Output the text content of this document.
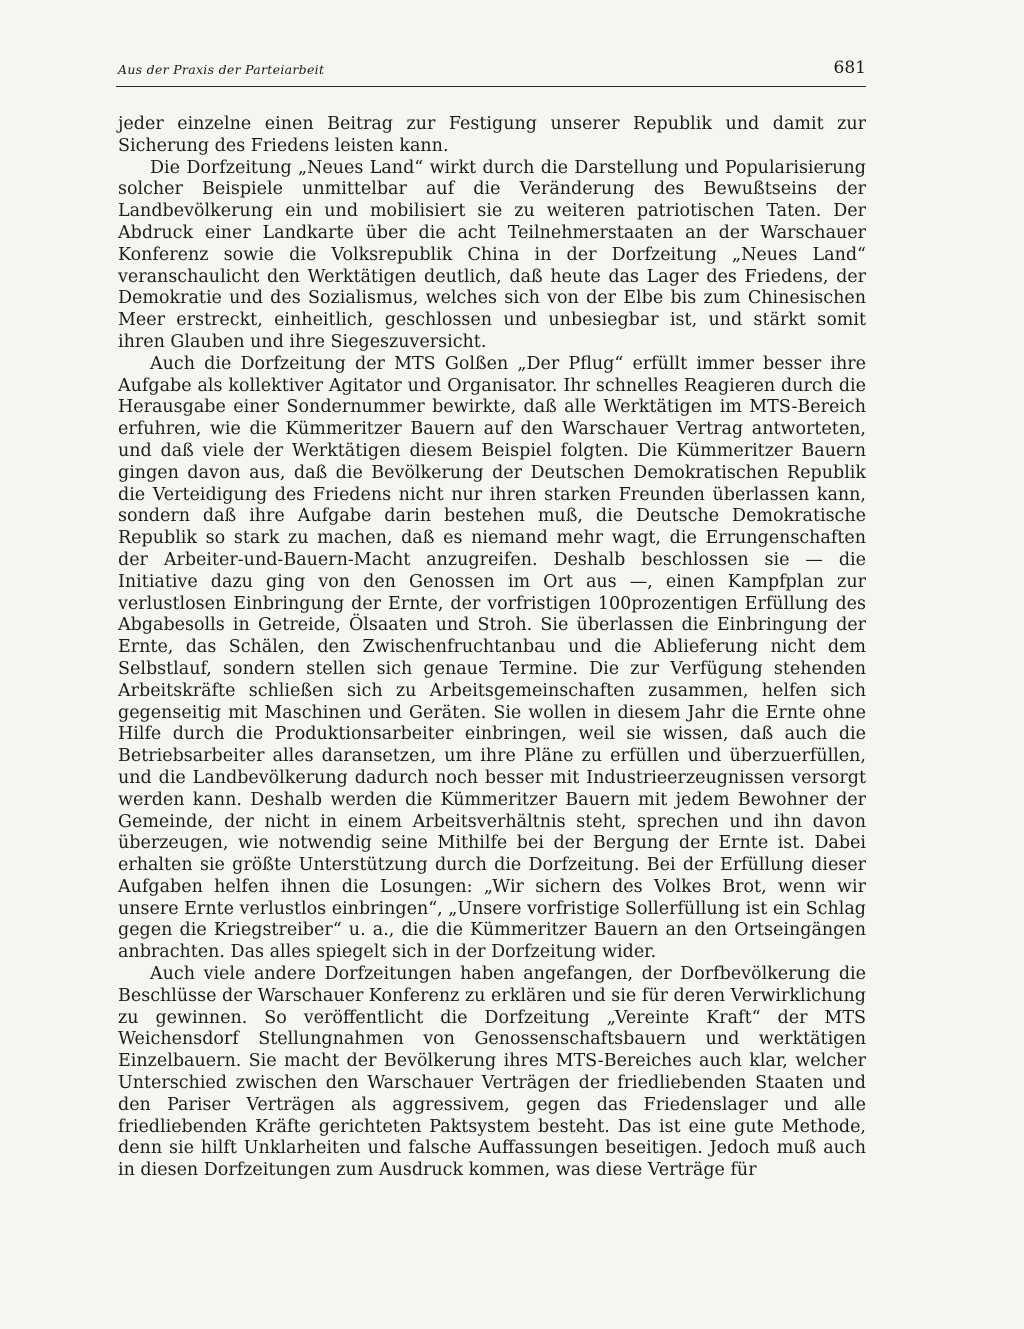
Aus der Praxis der Parteiarbeit	681

jeder einzelne einen Beitrag zur Festigung unserer Republik und damit zur Sicherung des Friedens leisten kann.

Die Dorfzeitung „Neues Land“ wirkt durch die Darstellung und Popularisierung solcher Beispiele unmittelbar auf die Veränderung des Bewußtseins der Landbevölkerung ein und mobilisiert sie zu weiteren patriotischen Taten. Der Abdruck einer Landkarte über die acht Teilnehmerstaaten an der Warschauer Konferenz sowie die Volksrepublik China in der Dorfzeitung „Neues Land“ veranschaulicht den Werktätigen deutlich, daß heute das Lager des Friedens, der Demokratie und des Sozialismus, welches sich von der Elbe bis zum Chinesischen Meer erstreckt, einheitlich, geschlossen und unbesiegbar ist, und stärkt somit ihren Glauben und ihre Siegeszuversicht.

Auch die Dorfzeitung der MTS Golßen „Der Pflug“ erfüllt immer besser ihre Aufgabe als kollektiver Agitator und Organisator. Ihr schnelles Reagieren durch die Herausgabe einer Sondernummer bewirkte, daß alle Werktätigen im MTS-Bereich erfuhren, wie die Kümmeritzer Bauern auf den Warschauer Vertrag antworteten, und daß viele der Werktätigen diesem Beispiel folgten. Die Kümmeritzer Bauern gingen davon aus, daß die Bevölkerung der Deutschen Demokratischen Republik die Verteidigung des Friedens nicht nur ihren starken Freunden überlassen kann, sondern daß ihre Aufgabe darin bestehen muß, die Deutsche Demokratische Republik so stark zu machen, daß es niemand mehr wagt, die Errungenschaften der Arbeiter-und-Bauern-Macht anzugreifen. Deshalb beschlossen sie — die Initiative dazu ging von den Genossen im Ort aus —, einen Kampfplan zur verlustlosen Einbringung der Ernte, der vorfristigen 100prozentigen Erfüllung des Abgabesolls in Getreide, Ölsaaten und Stroh. Sie überlassen die Einbringung der Ernte, das Schälen, den Zwischenfruchtanbau und die Ablieferung nicht dem Selbstlauf, sondern stellen sich genaue Termine. Die zur Verfügung stehenden Arbeitskräfte schließen sich zu Arbeitsgemeinschaften zusammen, helfen sich gegenseitig mit Maschinen und Geräten. Sie wollen in diesem Jahr die Ernte ohne Hilfe durch die Produktionsarbeiter einbringen, weil sie wissen, daß auch die Betriebsarbeiter alles daransetzen, um ihre Pläne zu erfüllen und überzuerfüllen, und die Landbevölkerung dadurch noch besser mit Industrieerzeugnissen versorgt werden kann. Deshalb werden die Kümmeritzer Bauern mit jedem Bewohner der Gemeinde, der nicht in einem Arbeitsverhältnis steht, sprechen und ihn davon überzeugen, wie notwendig seine Mithilfe bei der Bergung der Ernte ist. Dabei erhalten sie größte Unterstützung durch die Dorfzeitung. Bei der Erfüllung dieser Aufgaben helfen ihnen die Losungen: „Wir sichern des Volkes Brot, wenn wir unsere Ernte verlustlos einbringen“, „Unsere vorfristige Sollerfüllung ist ein Schlag gegen die Kriegstreiber“ u. a., die die Kümmeritzer Bauern an den Ortseingängen anbrachten. Das alles spiegelt sich in der Dorfzeitung wider.

Auch viele andere Dorfzeitungen haben angefangen, der Dorfbevölkerung die Beschlüsse der Warschauer Konferenz zu erklären und sie für deren Verwirklichung zu gewinnen. So veröffentlicht die Dorfzeitung „Vereinte Kraft“ der MTS Weichensdorf Stellungnahmen von Genossenschaftsbauern und werktätigen Einzelbauern. Sie macht der Bevölkerung ihres MTS-Bereiches auch klar, welcher Unterschied zwischen den Warschauer Verträgen der friedliebenden Staaten und den Pariser Verträgen als aggressivem, gegen das Friedenslager und alle friedliebenden Kräfte gerichteten Paktsystem besteht. Das ist eine gute Methode, denn sie hilft Unklarheiten und falsche Auffassungen beseitigen. Jedoch muß auch in diesen Dorfzeitungen zum Ausdruck kommen, was diese Verträge für
